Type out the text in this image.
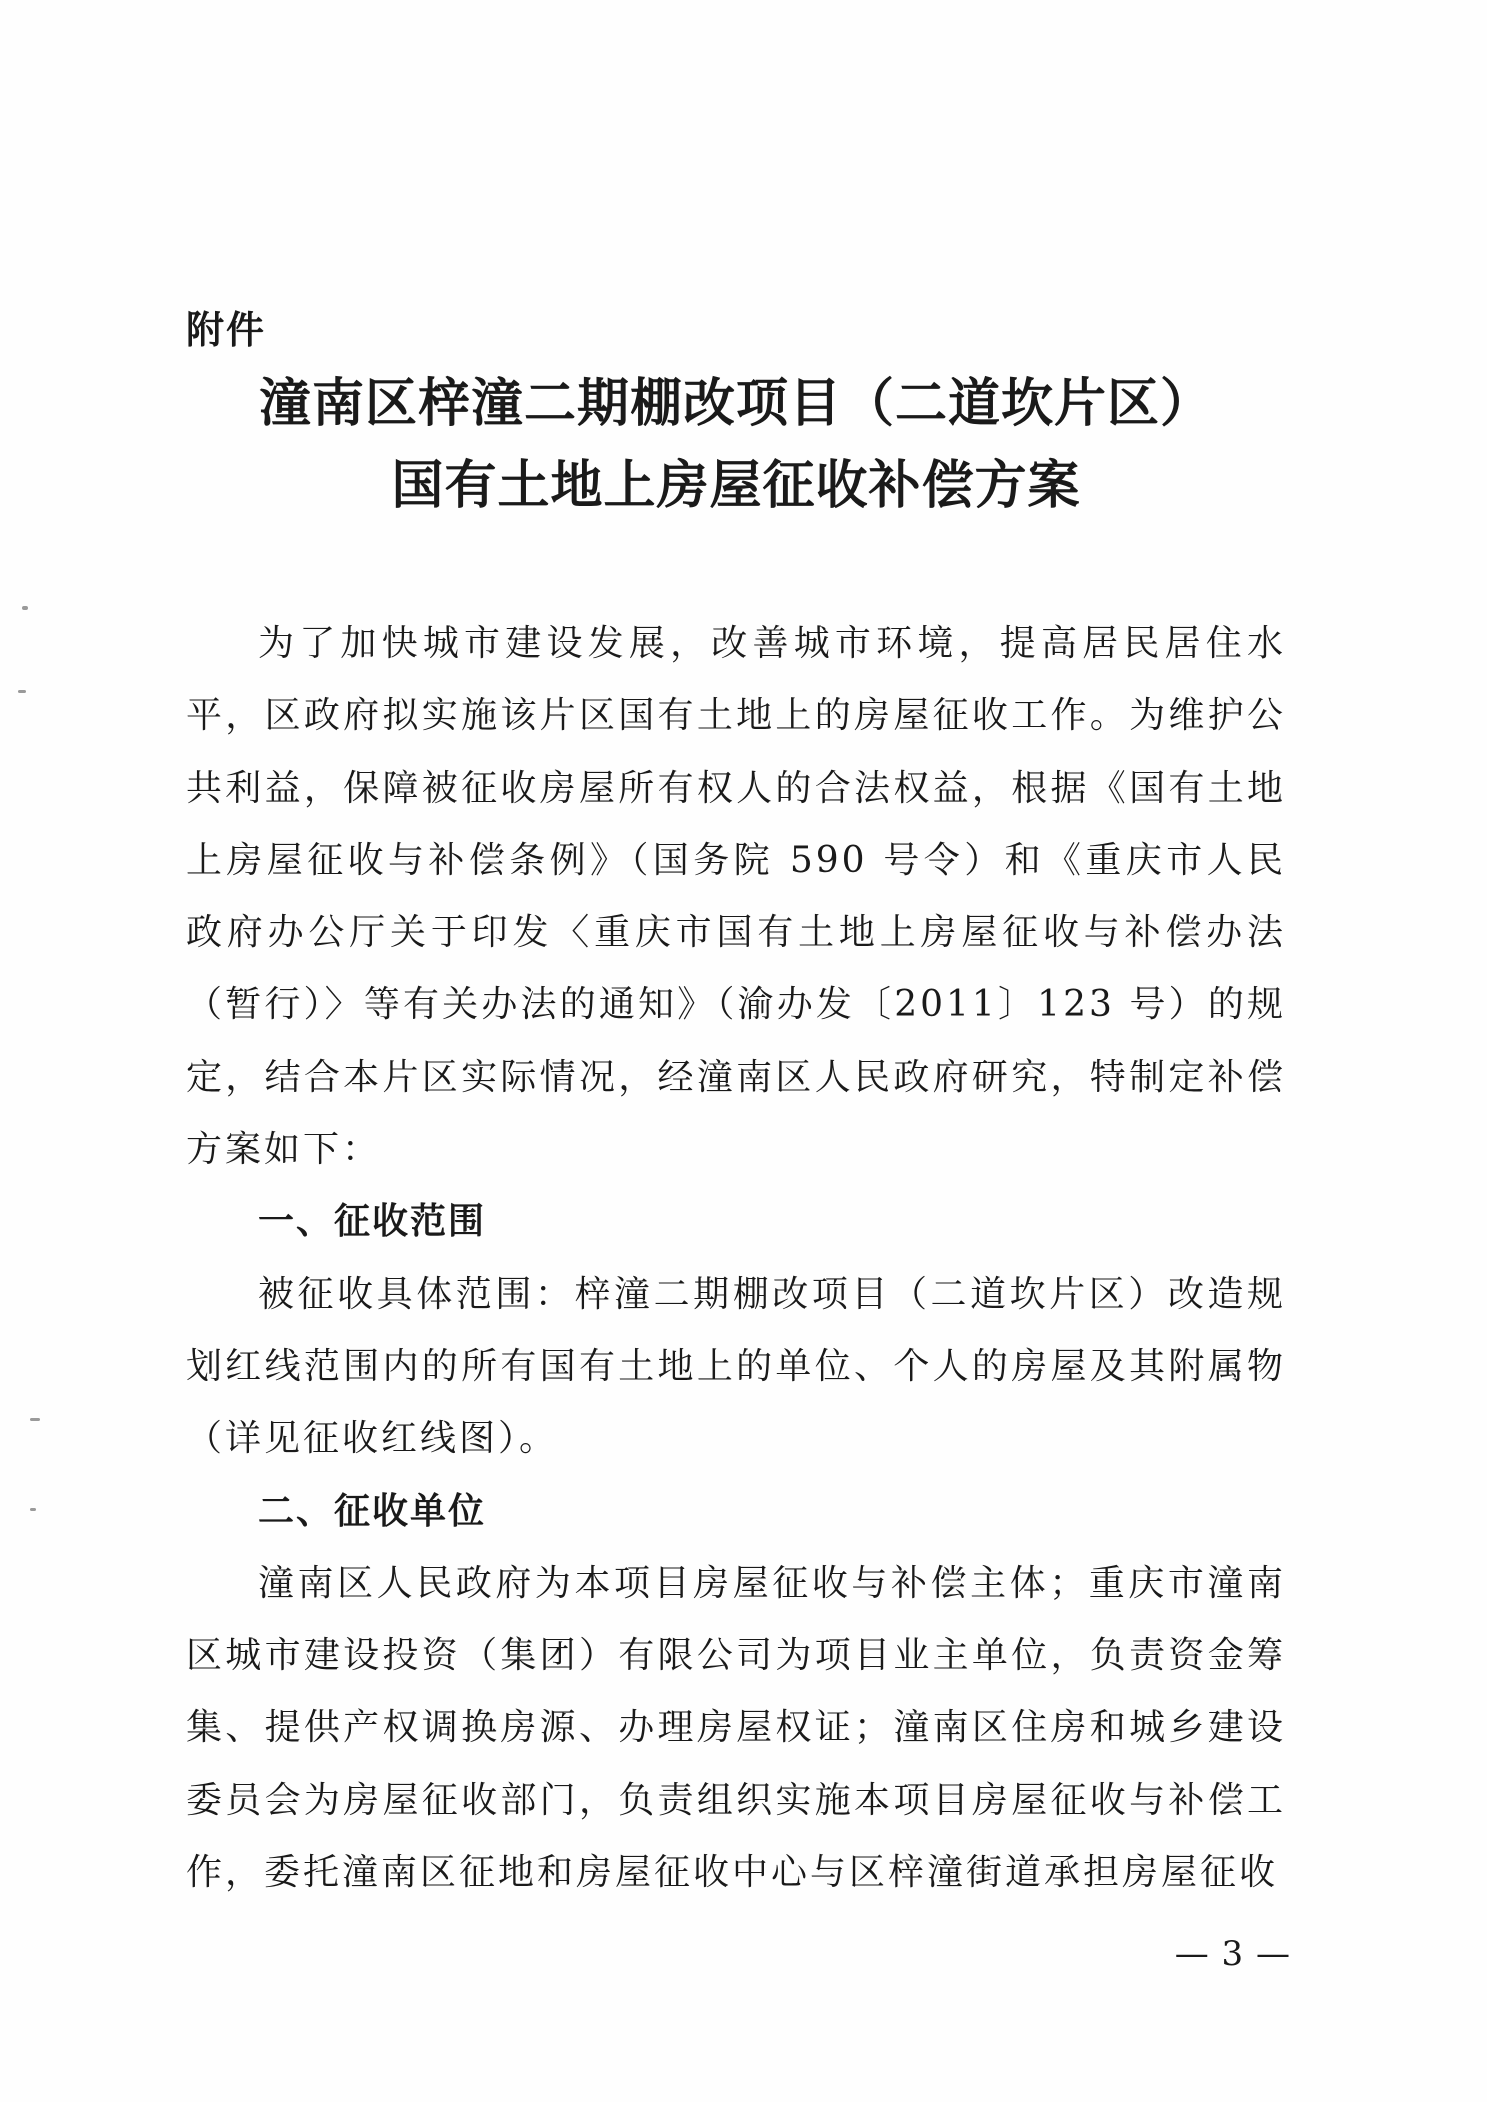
附件
潼南区梓潼二期棚改项目（二道坎片区）
国有土地上房屋征收补偿方案

为了加快城市建设发展，改善城市环境，提高居民居住水平，区政府拟实施该片区国有土地上的房屋征收工作。为维护公共利益，保障被征收房屋所有权人的合法权益，根据《国有土地上房屋征收与补偿条例》（国务院 590 号令）和《重庆市人民政府办公厅关于印发〈重庆市国有土地上房屋征收与补偿办法（暂行）〉等有关办法的通知》（渝办发〔2011〕123 号）的规定，结合本片区实际情况，经潼南区人民政府研究，特制定补偿方案如下：

一、征收范围

被征收具体范围：梓潼二期棚改项目（二道坎片区）改造规划红线范围内的所有国有土地上的单位、个人的房屋及其附属物（详见征收红线图）。

二、征收单位

潼南区人民政府为本项目房屋征收与补偿主体；重庆市潼南区城市建设投资（集团）有限公司为项目业主单位，负责资金筹集、提供产权调换房源、办理房屋权证；潼南区住房和城乡建设委员会为房屋征收部门，负责组织实施本项目房屋征收与补偿工作，委托潼南区征地和房屋征收中心与区梓潼街道承担房屋征收

— 3 —
